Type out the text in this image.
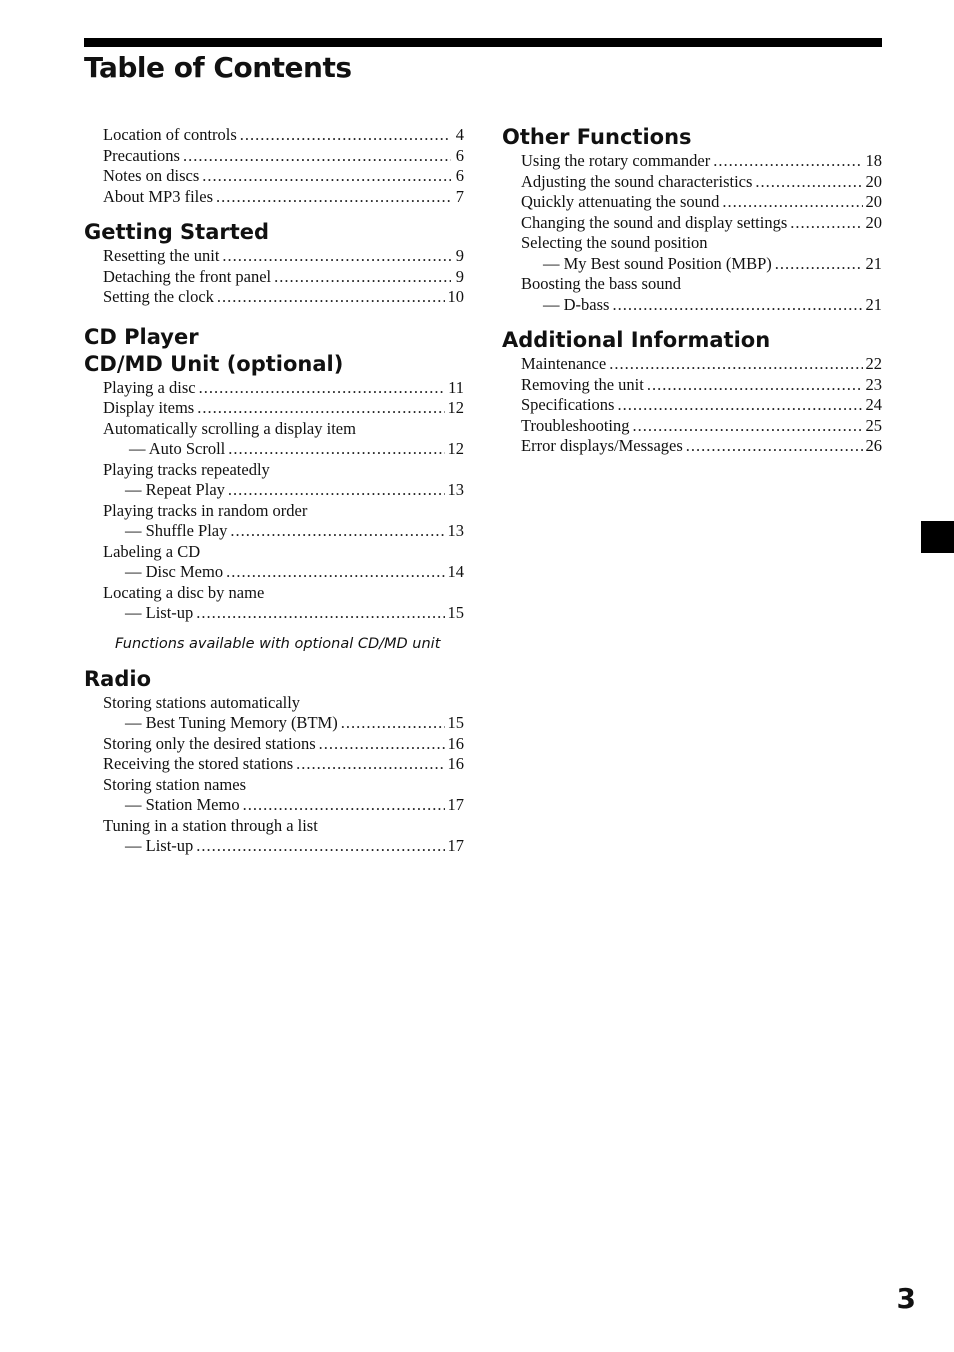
Table of Contents
Location of controls .....	4
Precautions .....	6
Notes on discs .....	6
About MP3 files .....	7
Getting Started
Resetting the unit .....	9
Detaching the front panel .....	9
Setting the clock .....	10
CD Player
CD/MD Unit (optional)
Playing a disc .....	11
Display items .....	12
Automatically scrolling a display item
— Auto Scroll .....	12
Playing tracks repeatedly
— Repeat Play .....	13
Playing tracks in random order
— Shuffle Play .....	13
Labeling a CD
— Disc Memo .....	14
Locating a disc by name
— List-up .....	15
Functions available with optional CD/MD unit
Radio
Storing stations automatically
— Best Tuning Memory (BTM) .....	15
Storing only the desired stations .....	16
Receiving the stored stations .....	16
Storing station names
— Station Memo .....	17
Tuning in a station through a list
— List-up .....	17
Other Functions
Using the rotary commander .....	18
Adjusting the sound characteristics .....	20
Quickly attenuating the sound .....	20
Changing the sound and display settings .....	20
Selecting the sound position
— My Best sound Position (MBP) .....	21
Boosting the bass sound
— D-bass .....	21
Additional Information
Maintenance .....	22
Removing the unit .....	23
Specifications .....	24
Troubleshooting .....	25
Error displays/Messages .....	26
3
